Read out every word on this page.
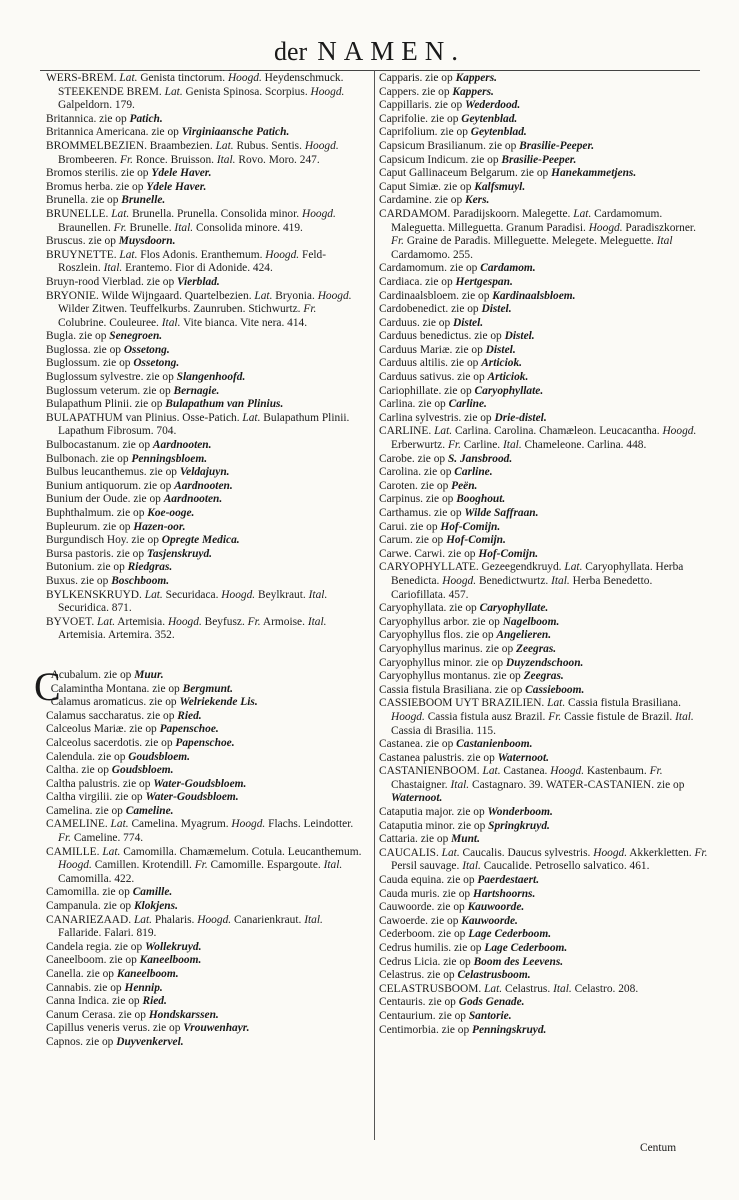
der NAMEN.

WERS-BREM. Lat. Genista tinctorum. Hoogd. Heydenschmuck. STEEKENDE BREM. Lat. Genista Spinosa. Scorpius. Hoogd. Galpeldorn. 179.

Britannica. zie op Patich.

Britannica Americana. zie op Virginiaansche Patich.

BROMMELBEZIEN. Braambezien. Lat. Rubus. Sentis. Hoogd. Brombeeren. Fr. Ronce. Bruisson. Ital. Rovo. Moro. 247.

Bromos sterilis. zie op Ydele Haver.

Bromus herba. zie op Ydele Haver.

Brunella. zie op Brunelle.

BRUNELLE. Lat. Brunella. Prunella. Consolida minor. Hoogd. Braunellen. Fr. Brunelle. Ital. Consolida minore. 419.

Bruscus. zie op Muysdoorn.

BRUYNETTE. Lat. Flos Adonis. Eranthemum. Hoogd. Feld-Roszlein. Ital. Erantemo. Fior di Adonide. 424.

Bruyn-rood Vierblad. zie op Vierblad.

BRYONIE. Wilde Wijngaard. Quartelbezien. Lat. Bryonia. Hoogd. Wilder Zitwen. Teuffelkurbs. Zaunruben. Stichwurtz. Fr. Colubrine. Couleuree. Ital. Vite bianca. Vite nera. 414.

Bugla. zie op Senegroen.

Buglossa. zie op Ossetong.

Buglossum. zie op Ossetong.

Buglossum sylvestre. zie op Slangenhoofd.

Buglossum veterum. zie op Bernagie.

Bulapathum Plinii. zie op Bulapathum van Plinius.

BULAPATHUM van Plinius. Osse-Patich. Lat. Bulapathum Plinii. Lapathum Fibrosum. 704.

Bulbocastanum. zie op Aardnooten.

Bulbonach. zie op Penningsbloem.

Bulbus leucanthemus. zie op Veldajuyn.

Bunium antiquorum. zie op Aardnooten.

Bunium der Oude. zie op Aardnooten.

Buphthalmum. zie op Koe-ooge.

Bupleurum. zie op Hazen-oor.

Burgundisch Hoy. zie op Opregte Medica.

Bursa pastoris. zie op Tasjenskruyd.

Butonium. zie op Riedgras.

Buxus. zie op Boschboom.

BYLKENSKRUYD. Lat. Securidaca. Hoogd. Beylkraut. Ital. Securidica. 871.

BYVOET. Lat. Artemisia. Hoogd. Beyfusz. Fr. Armoise. Ital. Artemisia. Artemira. 352.

C
Acubalum. zie op Muur.

Calamintha Montana. zie op Bergmunt.

Calamus aromaticus. zie op Welriekende Lis.

Calamus saccharatus. zie op Ried.

Calceolus Mariæ. zie op Papenschoe.

Calceolus sacerdotis. zie op Papenschoe.

Calendula. zie op Goudsbloem.

Caltha. zie op Goudsbloem.

Caltha palustris. zie op Water-Goudsbloem.

Caltha virgilii. zie op Water-Goudsbloem.

Camelina. zie op Cameline.

CAMELINE. Lat. Camelina. Myagrum. Hoogd. Flachs. Leindotter. Fr. Cameline. 774.

CAMILLE. Lat. Camomilla. Chamæmelum. Cotula. Leucanthemum. Hoogd. Camillen. Krotendill. Fr. Camomille. Espargoute. Ital. Camomilla. 422.

Camomilla. zie op Camille.

Campanula. zie op Klokjens.

CANARIEZAAD. Lat. Phalaris. Hoogd. Canarienkraut. Ital. Fallaride. Falari. 819.

Candela regia. zie op Wollekruyd.

Caneelboom. zie op Kaneelboom.

Canella. zie op Kaneelboom.

Cannabis. zie op Hennip.

Canna Indica. zie op Ried.

Canum Cerasa. zie op Hondskarssen.

Capillus veneris verus. zie op Vrouwenhayr.

Capnos. zie op Duyvenkervel.

Capparis. zie op Kappers.

Cappers. zie op Kappers.

Cappillaris. zie op Wederdood.

Caprifolie. zie op Geytenblad.

Caprifolium. zie op Geytenblad.

Capsicum Brasilianum. zie op Brasilie-Peeper.

Capsicum Indicum. zie op Brasilie-Peeper.

Caput Gallinaceum Belgarum. zie op Hanekammetjens.

Caput Simiæ. zie op Kalfsmuyl.

Cardamine. zie op Kers.

CARDAMOM. Paradijskoorn. Malegette. Lat. Cardamomum. Maleguetta. Milleguetta. Granum Paradisi. Hoogd. Paradiszkorner. Fr. Graine de Paradis. Milleguette. Melegete. Meleguette. Ital Cardamomo. 255.

Cardamomum. zie op Cardamom.

Cardiaca. zie op Hertgespan.

Cardinaalsbloem. zie op Kardinaalsbloem.

Cardobenedict. zie op Distel.

Carduus. zie op Distel.

Carduus benedictus. zie op Distel.

Carduus Mariæ. zie op Distel.

Carduus altilis. zie op Articiok.

Carduus sativus. zie op Articiok.

Cariophillate. zie op Caryophyllate.

Carlina. zie op Carline.

Carlina sylvestris. zie op Drie-distel.

CARLINE. Lat. Carlina. Carolina. Chamæleon. Leucacantha. Hoogd. Erberwurtz. Fr. Carline. Ital. Chameleone. Carlina. 448.

Carobe. zie op S. Jansbrood.

Carolina. zie op Carline.

Caroten. zie op Peën.

Carpinus. zie op Booghout.

Carthamus. zie op Wilde Saffraan.

Carui. zie op Hof-Comijn.

Carum. zie op Hof-Comijn.

Carwe. Carwi. zie op Hof-Comijn.

CARYOPHYLLATE. Gezeegendkruyd. Lat. Caryophyllata. Herba Benedicta. Hoogd. Benedictwurtz. Ital. Herba Benedetto. Cariofillata. 457.

Caryophyllata. zie op Caryophyllate.

Caryophyllus arbor. zie op Nagelboom.

Caryophyllus flos. zie op Angelieren.

Caryophyllus marinus. zie op Zeegras.

Caryophyllus minor. zie op Duyzendschoon.

Caryophyllus montanus. zie op Zeegras.

Cassia fistula Brasiliana. zie op Cassieboom.

CASSIEBOOM UYT BRAZILIEN. Lat. Cassia fistula Brasiliana. Hoogd. Cassia fistula ausz Brazil. Fr. Cassie fistule de Brazil. Ital. Cassia di Brasilia. 115.

Castanea. zie op Castanienboom.

Castanea palustris. zie op Waternoot.

CASTANIENBOOM. Lat. Castanea. Hoogd. Kastenbaum. Fr. Chastaigner. Ital. Castagnaro. 39. WATER-CASTANIEN. zie op Waternoot.

Cataputia major. zie op Wonderboom.

Cataputia minor. zie op Springkruyd.

Cattaria. zie op Munt.

CAUCALIS. Lat. Caucalis. Daucus sylvestris. Hoogd. Akkerkletten. Fr. Persil sauvage. Ital. Caucalide. Petrosello salvatico. 461.

Cauda equina. zie op Paerdestaert.

Cauda muris. zie op Hartshoorns.

Cauwoorde. zie op Kauwoorde.

Cawoerde. zie op Kauwoorde.

Cederboom. zie op Lage Cederboom.

Cedrus humilis. zie op Lage Cederboom.

Cedrus Licia. zie op Boom des Leevens.

Celastrus. zie op Celastrusboom.

CELASTRUSBOOM. Lat. Celastrus. Ital. Celastro. 208.

Centauris. zie op Gods Genade.

Centaurium. zie op Santorie.

Centimorbia. zie op Penningskruyd.

Centum
